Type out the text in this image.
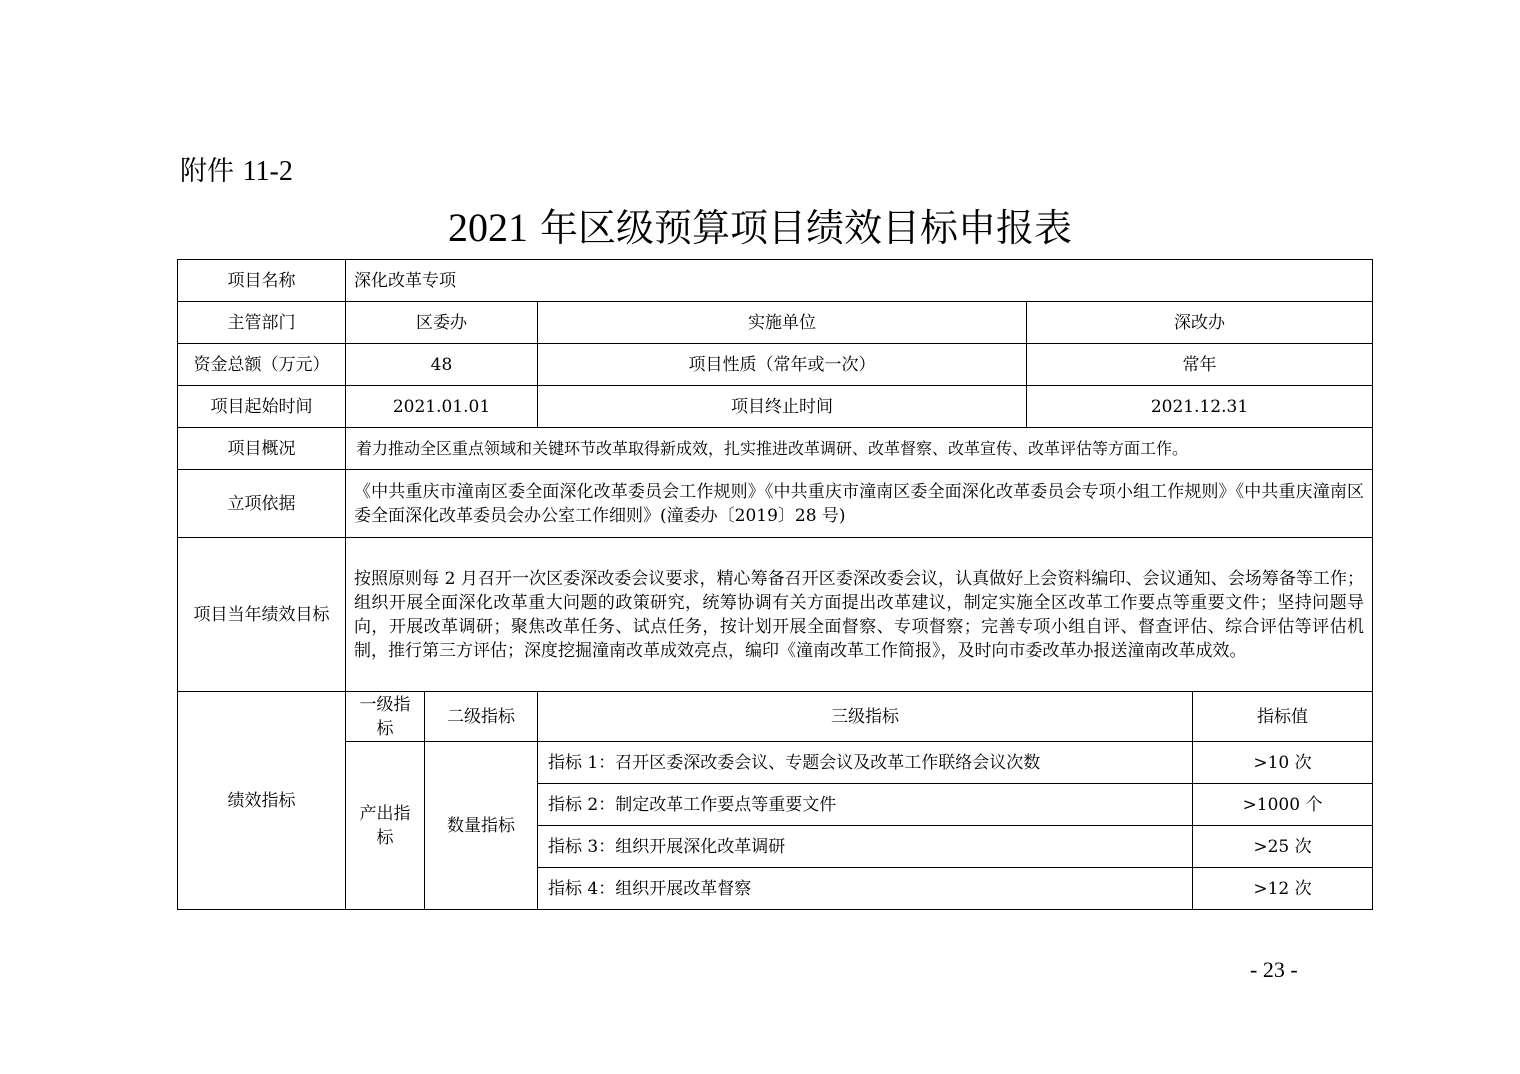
附件 11-2
2021 年区级预算项目绩效目标申报表
项目名称	深化改革专项				
主管部门	区委办		实施单位	深改办	
资金总额（万元）	48		项目性质（常年或一次）	常年	
项目起始时间	2021.01.01		项目终止时间	2021.12.31	
项目概况	着力推动全区重点领域和关键环节改革取得新成效，扎实推进改革调研、改革督察、改革宣传、改革评估等方面工作。				
立项依据	《中共重庆市潼南区委全面深化改革委员会工作规则》《中共重庆市潼南区委全面深化改革委员会专项小组工作规则》《中共重庆潼南区委全面深化改革委员会办公室工作细则》(潼委办〔2019〕28 号)				
项目当年绩效目标	按照原则每 2 月召开一次区委深改委会议要求，精心筹备召开区委深改委会议，认真做好上会资料编印、会议通知、会场筹备等工作；组织开展全面深化改革重大问题的政策研究，统筹协调有关方面提出改革建议，制定实施全区改革工作要点等重要文件；坚持问题导向，开展改革调研；聚焦改革任务、试点任务，按计划开展全面督察、专项督察；完善专项小组自评、督查评估、综合评估等评估机制，推行第三方评估；深度挖掘潼南改革成效亮点，编印《潼南改革工作简报》，及时向市委改革办报送潼南改革成效。				
绩效指标	一级指标	二级指标	三级指标		指标值
	产出指标	数量指标	指标 1：召开区委深改委会议、专题会议及改革工作联络会议次数		>10 次
			指标 2：制定改革工作要点等重要文件		>1000 个
			指标 3：组织开展深化改革调研		>25 次
			指标 4：组织开展改革督察		>12 次
- 23 -
